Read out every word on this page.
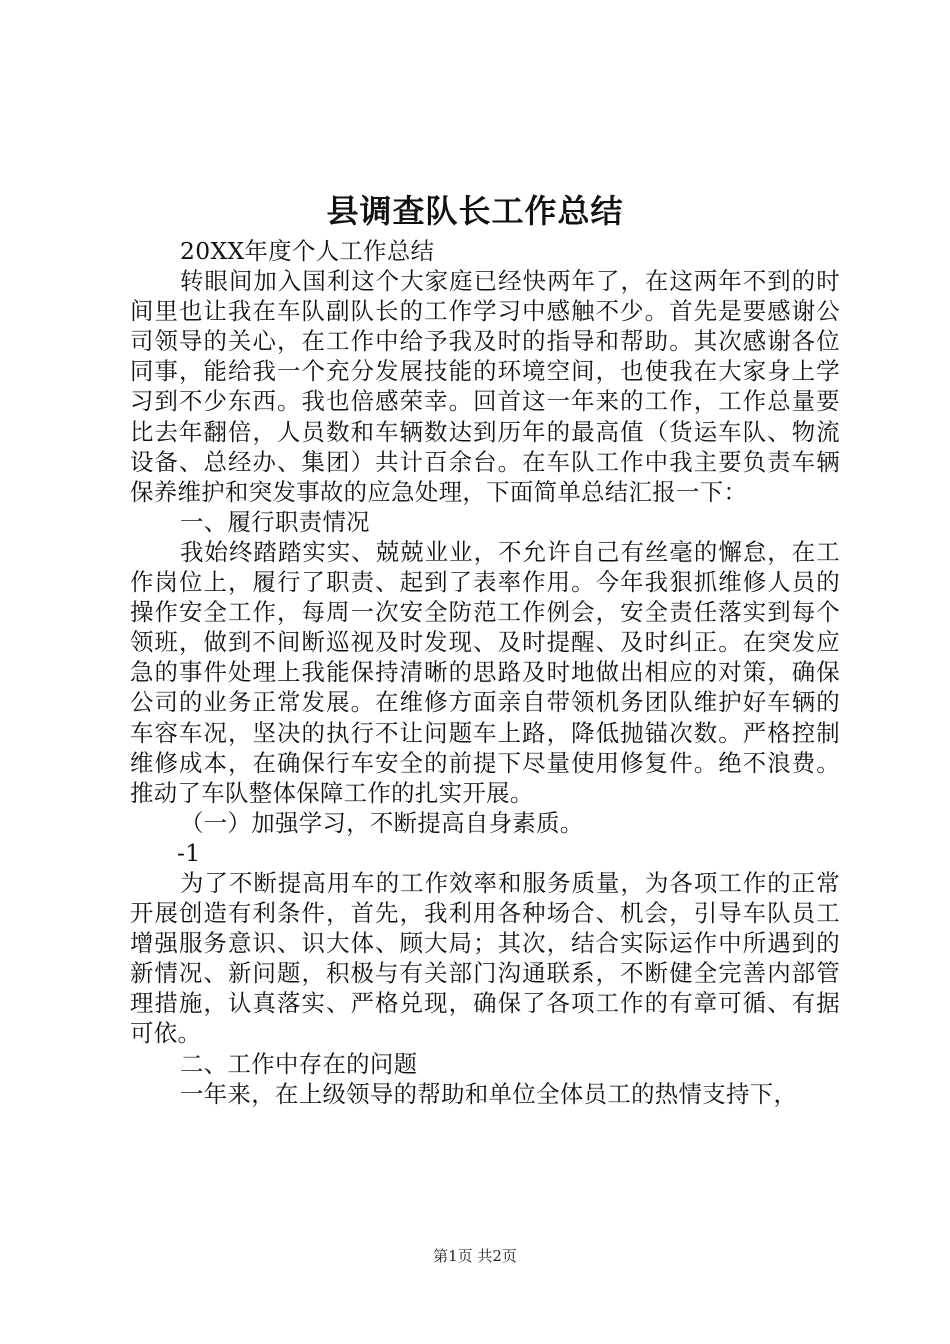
县调查队长工作总结

20XX年度个人工作总结

转眼间加入国利这个大家庭已经快两年了，在这两年不到的时间里也让我在车队副队长的工作学习中感触不少。首先是要感谢公司领导的关心，在工作中给予我及时的指导和帮助。其次感谢各位同事，能给我一个充分发展技能的环境空间，也使我在大家身上学习到不少东西。我也倍感荣幸。回首这一年来的工作，工作总量要比去年翻倍，人员数和车辆数达到历年的最高值（货运车队、物流设备、总经办、集团）共计百余台。在车队工作中我主要负责车辆保养维护和突发事故的应急处理，下面简单总结汇报一下：

一、履行职责情况

我始终踏踏实实、兢兢业业，不允许自己有丝毫的懈怠，在工作岗位上，履行了职责、起到了表率作用。今年我狠抓维修人员的操作安全工作，每周一次安全防范工作例会，安全责任落实到每个领班，做到不间断巡视及时发现、及时提醒、及时纠正。在突发应急的事件处理上我能保持清晰的思路及时地做出相应的对策，确保公司的业务正常发展。在维修方面亲自带领机务团队维护好车辆的车容车况，坚决的执行不让问题车上路，降低抛锚次数。严格控制维修成本，在确保行车安全的前提下尽量使用修复件。绝不浪费。推动了车队整体保障工作的扎实开展。

（一）加强学习，不断提高自身素质。

-1

为了不断提高用车的工作效率和服务质量，为各项工作的正常开展创造有利条件，首先，我利用各种场合、机会，引导车队员工增强服务意识、识大体、顾大局；其次，结合实际运作中所遇到的新情况、新问题，积极与有关部门沟通联系，不断健全完善内部管理措施，认真落实、严格兑现，确保了各项工作的有章可循、有据可依。

二、工作中存在的问题

一年来，在上级领导的帮助和单位全体员工的热情支持下，

第1页 共2页
